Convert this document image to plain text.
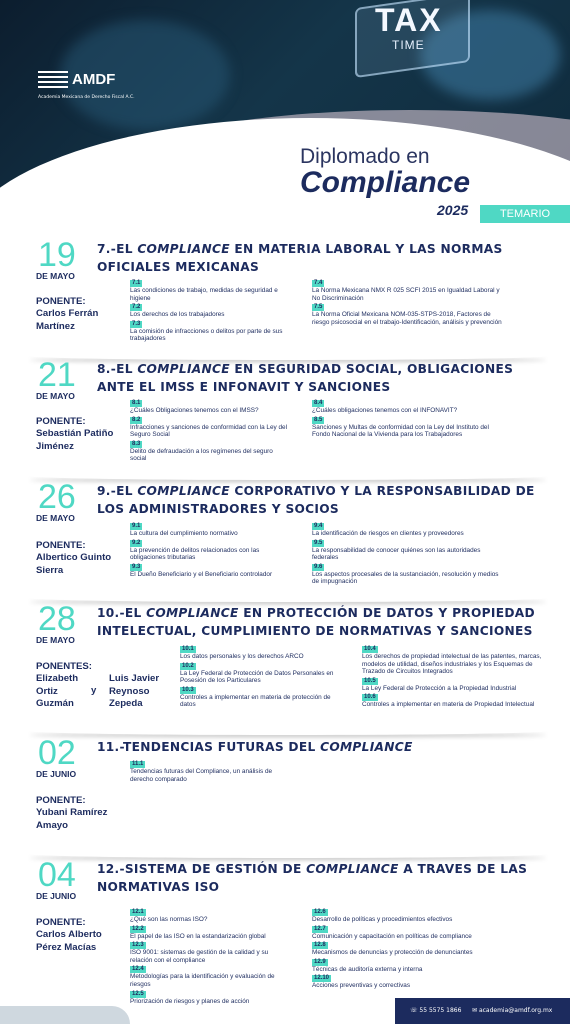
TAX
TIME
AMDF
Academia Mexicana de Derecho Fiscal A.C.
Diplomado en
Compliance
2025	TEMARIO
19
DE MAYO
7.-EL COMPLIANCE EN MATERIA LABORAL Y LAS NORMAS OFICIALES MEXICANAS
PONENTE:
Carlos Ferrán Martínez
7.1
Las condiciones de trabajo, medidas de seguridad e higiene
7.2
Los derechos de los trabajadores
7.3
La comisión de infracciones o delitos por parte de sus trabajadores
7.4
La Norma Mexicana NMX R 025 SCFI 2015 en Igualdad Laboral y No Discriminación
7.5
La Norma Oficial Mexicana NOM-035-STPS-2018, Factores de riesgo psicosocial en el trabajo-Identificación, análisis y prevención
21
DE MAYO
8.-EL COMPLIANCE EN SEGURIDAD SOCIAL, OBLIGACIONES ANTE EL IMSS E INFONAVIT Y SANCIONES
PONENTE:
Sebastián Patiño Jiménez
8.1
¿Cuáles Obligaciones tenemos con el IMSS?
8.2
Infracciones y sanciones de conformidad con la Ley del Seguro Social
8.3
Delito de defraudación a los regímenes del seguro social
8.4
¿Cuáles obligaciones tenemos con el INFONAVIT?
8.5
Sanciones y Multas de conformidad con la Ley del Instituto del Fondo Nacional de la Vivienda para los Trabajadores
26
DE MAYO
9.-EL COMPLIANCE CORPORATIVO Y LA RESPONSABILIDAD DE LOS ADMINISTRADORES Y SOCIOS
PONENTE:
Albertico Guinto Sierra
9.1
La cultura del cumplimiento normativo
9.2
La prevención de delitos relacionados con las obligaciones tributarias
9.3
El Dueño Beneficiario y el Beneficiario controlador
9.4
La identificación de riesgos en clientes y proveedores
9.5
La responsabilidad de conocer quiénes son las autoridades federales
9.6
Los aspectos procesales de la sustanciación, resolución y medios de impugnación
28
DE MAYO
10.-EL COMPLIANCE EN PROTECCIÓN DE DATOS Y PROPIEDAD INTELECTUAL, CUMPLIMIENTO DE NORMATIVAS Y SANCIONES
PONENTES:
Elizabeth Ortiz Guzmán
y
Luis Javier Reynoso Zepeda
10.1
Los datos personales y los derechos ARCO
10.2
La Ley Federal de Protección de Datos Personales en Posesión de los Particulares
10.3
Controles a implementar en materia de protección de datos
10.4
Los derechos de propiedad intelectual de las patentes, marcas, modelos de utilidad, diseños industriales y los Esquemas de Trazado de Circuitos Integrados
10.5
La Ley Federal de Protección a la Propiedad Industrial
10.6
Controles a implementar en materia de Propiedad Intelectual
02
DE JUNIO
11.-TENDENCIAS FUTURAS DEL COMPLIANCE
PONENTE:
Yubani Ramírez Amayo
11.1
Tendencias futuras del Compliance, un análisis de derecho comparado
04
DE JUNIO
12.-SISTEMA DE GESTIÓN DE COMPLIANCE A TRAVES DE LAS NORMATIVAS ISO
PONENTE:
Carlos Alberto Pérez Macías
12.1
¿Qué son las normas ISO?
12.2
El papel de las ISO en la estandarización global
12.3
ISO 9001: sistemas de gestión de la calidad y su relación con el compliance
12.4
Metodologías para la identificación y evaluación de riesgos
12.5
Priorización de riesgos y planes de acción
12.6
Desarrollo de políticas y procedimientos efectivos
12.7
Comunicación y capacitación en políticas de compliance
12.8
Mecanismos de denuncias y protección de denunciantes
12.9
Técnicas de auditoría externa y interna
12.10
Acciones preventivas y correctivas
☏ 55 5575 1866 ✉ academia@amdf.org.mx
